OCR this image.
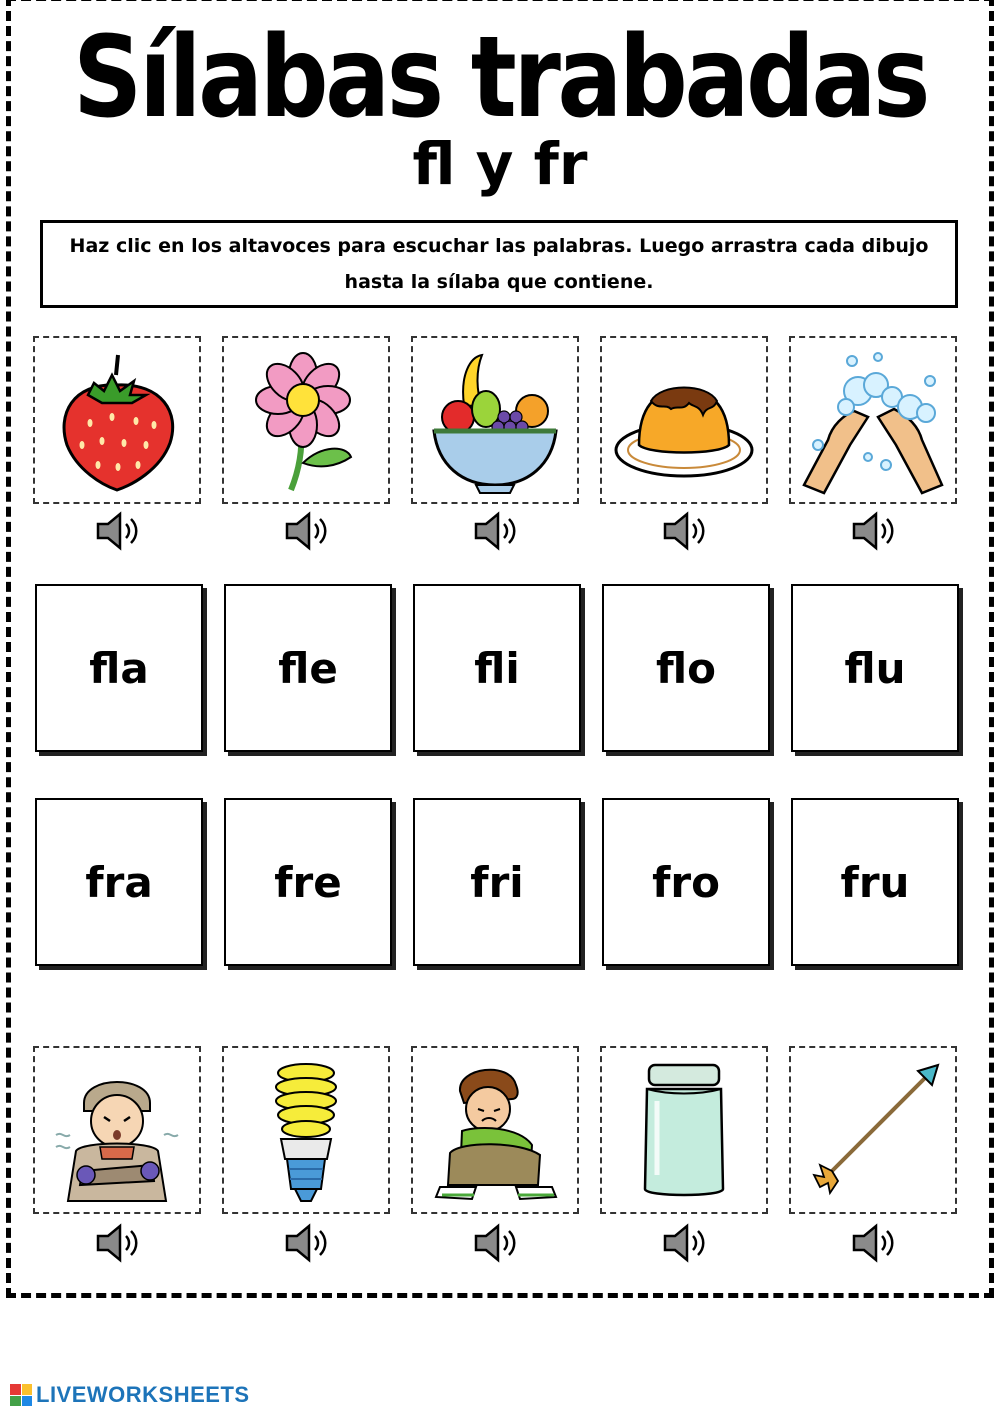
Sílabas trabadas
fl y fr
Haz clic en los altavoces para escuchar las palabras. Luego arrastra cada dibujo hasta la sílaba que contiene.
fla	fle	fli	flo	flu
fra	fre	fri	fro	fru
LIVEWORKSHEETS
